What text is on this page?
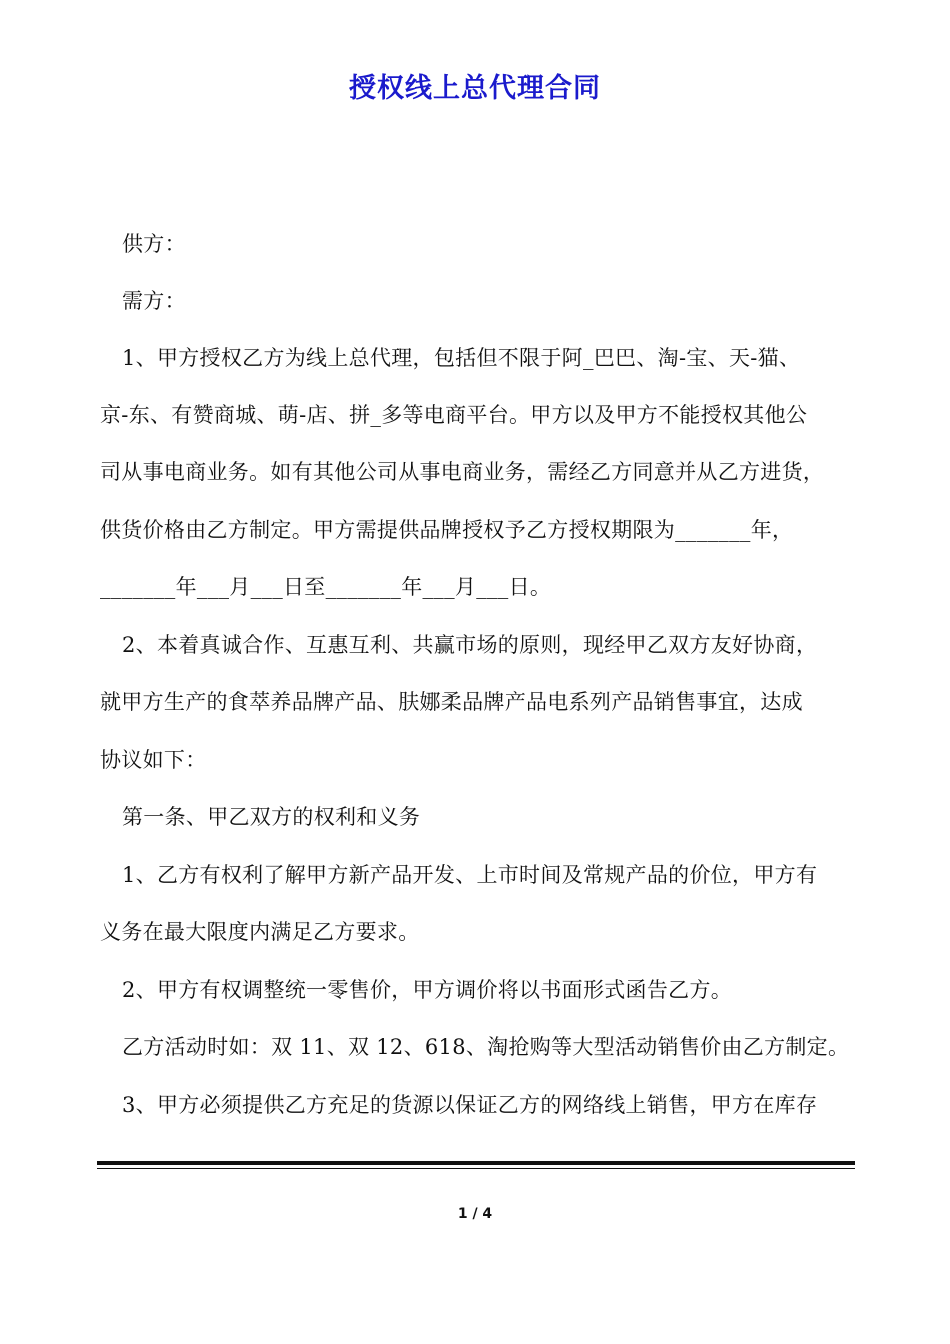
授权线上总代理合同
供方：
需方：
1、甲方授权乙方为线上总代理，包括但不限于阿_巴巴、淘-宝、天-猫、
京-东、有赞商城、萌-店、拼_多等电商平台。甲方以及甲方不能授权其他公
司从事电商业务。如有其他公司从事电商业务，需经乙方同意并从乙方进货，
供货价格由乙方制定。甲方需提供品牌授权予乙方授权期限为_______年，
_______年___月___日至_______年___月___日。
2、本着真诚合作、互惠互利、共赢市场的原则，现经甲乙双方友好协商，
就甲方生产的食萃养品牌产品、肤娜柔品牌产品电系列产品销售事宜，达成
协议如下：
第一条、甲乙双方的权利和义务
1、乙方有权利了解甲方新产品开发、上市时间及常规产品的价位，甲方有
义务在最大限度内满足乙方要求。
2、甲方有权调整统一零售价，甲方调价将以书面形式函告乙方。
乙方活动时如：双 11、双 12、618、淘抢购等大型活动销售价由乙方制定。
3、甲方必须提供乙方充足的货源以保证乙方的网络线上销售，甲方在库存
1 / 4
